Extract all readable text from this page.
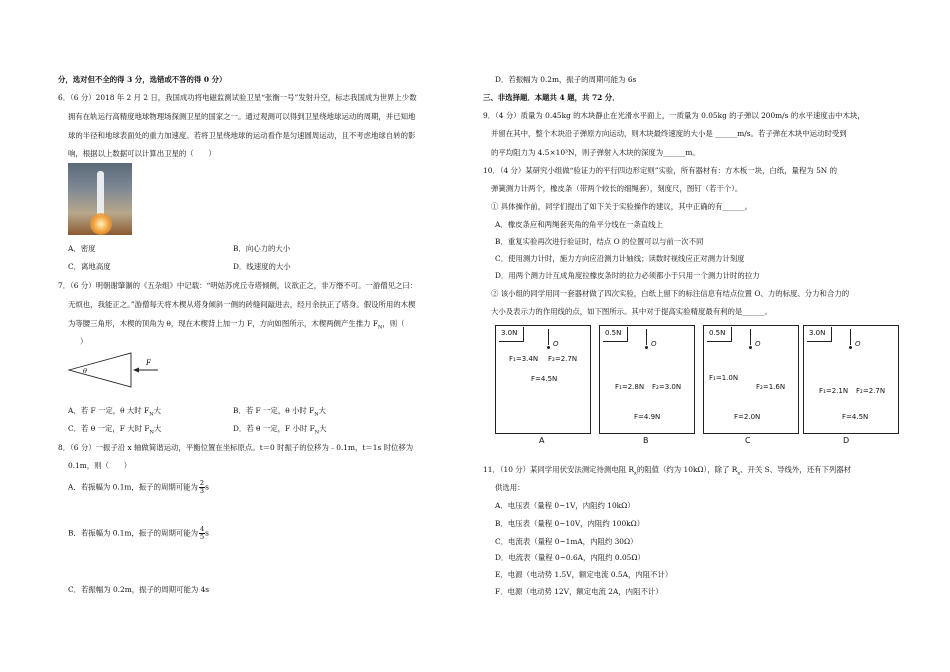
分，选对但不全的得 3 分，选错或不答的得 0 分）
6．（6 分）2018 年 2 月 2 日，我国成功将电磁监测试验卫星“张衡一号”发射升空，标志我国成为世界上少数
拥有在轨运行高精度地球物理场探测卫星的国家之一。通过观测可以得到卫星绕地球运动的周期，并已知地
球的半径和地球表面处的重力加速度。若将卫星绕地球的运动看作是匀速圆周运动，且不考虑地球自转的影
响，根据以上数据可以计算出卫星的（　　）
A．密度	B．向心力的大小
C．离地高度	D．线速度的大小
7．（6 分）明朝谢肇淛的《五杂组》中记载：“明姑苏虎丘寺塔倾侧，议欲正之，非万缗不可。一游僧见之曰：
无烦也，我能正之。”游僧每天将木楔从塔身倾斜一侧的砖缝间敲进去，经月余扶正了塔身。假设所用的木楔
为等腰三角形，木楔的顶角为 θ，现在木楔背上加一力 F，方向如图所示，木楔两侧产生推力 $F_N$，则（
）
F
θ
A．若 F 一定，θ 大时 $F_N$大	B．若 F 一定，θ 小时 $F_N$大
C．若 θ 一定，F 大时 $F_N$大	D．若 θ 一定，F 小时 $F_N$大
8．（6 分）一振子沿 x 轴做简谐运动，平衡位置在坐标原点。t＝0 时振子的位移为﹣0.1m，t＝1s 时位移为
0.1m，则（　　）
A．若振幅为 0.1m，振子的周期可能为 $\frac{2}{3}$ s
B．若振幅为 0.1m，振子的周期可能为 $\frac{4}{5}$ s
C．若振幅为 0.2m，振子的周期可能为 4s
D．若振幅为 0.2m，振子的周期可能为 6s
三、非选择题．本题共 4 题，共 72 分．
9．（4 分）质量为 0.45kg 的木块静止在光滑水平面上，一质量为 0.05kg 的子弹以 200m/s 的水平速度击中木块，
并留在其中，整个木块沿子弹原方向运动，则木块最终速度的大小是 ______m/s。若子弹在木块中运动时受到
的平均阻力为 4.5×10³N，则子弹射入木块的深度为______m。
10．（4 分）某研究小组做“验证力的平行四边形定则”实验，所有器材有：方木板一块，白纸，量程为 5N 的
弹簧测力计两个，橡皮条（带两个较长的细绳套），刻度尺，图钉（若干个）。
① 具体操作前，同学们提出了如下关于实验操作的建议，其中正确的有______。
A．橡皮条应和两绳套夹角的角平分线在一条直线上
B．重复实验再次进行验证时，结点 O 的位置可以与前一次不同
C．使用测力计时，施力方向应沿测力计轴线；读数时视线应正对测力计刻度
D．用两个测力计互成角度拉橡皮条时的拉力必须都小于只用一个测力计时的拉力
② 该小组的同学用同一套器材做了四次实验，白纸上留下的标注信息有结点位置 O、力的标度、分力和合力的
大小及表示力的作用线的点，如下图所示。其中对于提高实验精度最有利的是______。
3.0N
O
F₁=3.4N F₂=2.7N
F=4.5N
A
0.5N
O
F₁=2.8N F₂=3.0N
F=4.9N
B
0.5N
O
F₁=1.0N
F₂=1.6N
F=2.0N
C
3.0N
O
F₁=2.1N F₂=2.7N
F=4.5N
D
11．（10 分）某同学用伏安法测定待测电阻 $R_x$的阻值（约为 10kΩ），除了 $R_x$、开关 S、导线外，还有下列器材
供选用：
A．电压表（量程 0~1V，内阻约 10kΩ）
B．电压表（量程 0~10V，内阻约 100kΩ）
C．电流表（量程 0~1mA，内阻约 30Ω）
D．电流表（量程 0~0.6A，内阻约 0.05Ω）
E．电源（电动势 1.5V，额定电流 0.5A，内阻不计）
F．电源（电动势 12V，额定电流 2A，内阻不计）
